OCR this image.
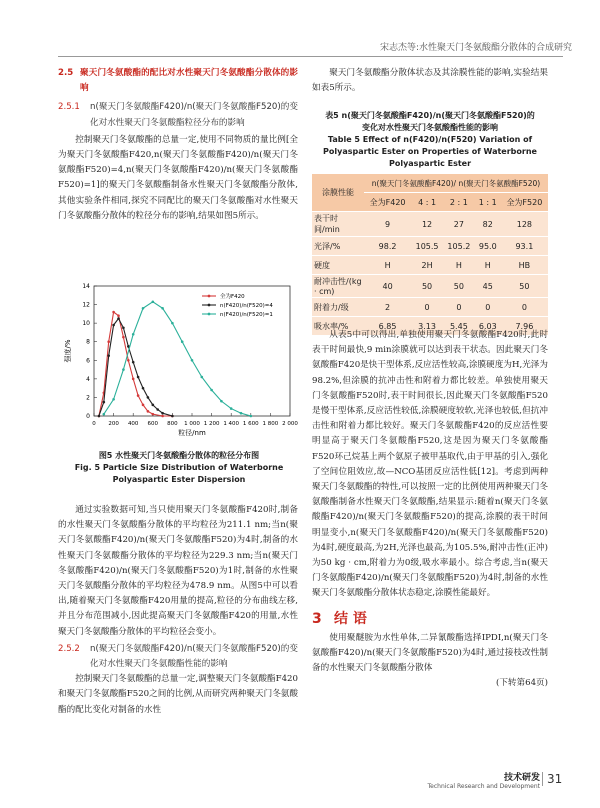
宋志杰等:水性聚天门冬氨酸酯分散体的合成研究
2.5 聚天门冬氨酸酯的配比对水性聚天门冬氨酸酯分散体的影响
2.5.1	n(聚天门冬氨酸酯F420)/n(聚天门冬氨酸酯F520)的变化对水性聚天门冬氨酸酯粒径分布的影响

控制聚天门冬氨酸酯的总量一定,使用不同物质的量比例[全为聚天门冬氨酸酯F420,n(聚天门冬氨酸酯F420)/n(聚天门冬氨酸酯F520)=4,n(聚天门冬氨酸酯F420)/n(聚天门冬氨酸酯F520)=1]的聚天门冬氨酸酯制备水性聚天门冬氨酸酯分散体,其他实验条件相同,探究不同配比的聚天门冬氨酸酯对水性聚天门冬氨酸酯分散体的粒径分布的影响,结果如图5所示。

0 200 400 600 800 1 000 1 200 1 400 1 600 1 800 2 000
0
2
4
6
8
10
12
14
粒径/nm
强度/%
全为F420
n(F420)/n(F520)=4
n(F420)/n(F520)=1
图5 水性聚天门冬氨酸酯分散体的粒径分布图
Fig. 5 Particle Size Distribution of Waterborne
Polyaspartic Ester Dispersion

通过实验数据可知,当只使用聚天门冬氨酸酯F420时,制备的水性聚天门冬氨酸酯分散体的平均粒径为211.1 nm;当n(聚天门冬氨酸酯F420)/n(聚天门冬氨酸酯F520)为4时,制备的水性聚天门冬氨酸酯分散体的平均粒径为229.3 nm;当n(聚天门冬氨酸酯F420)/n(聚天门冬氨酸酯F520)为1时,制备的水性聚天门冬氨酸酯分散体的平均粒径为478.9 nm。从图5中可以看出,随着聚天门冬氨酸酯F420用量的提高,粒径的分布曲线左移,并且分布范围减小,因此提高聚天门冬氨酸酯F420的用量,水性聚天门冬氨酸酯分散体的平均粒径会变小。

2.5.2	n(聚天门冬氨酸酯F420)/n(聚天门冬氨酸酯F520)的变化对水性聚天门冬氨酸酯性能的影响

控制聚天门冬氨酸酯的总量一定,调整聚天门冬氨酸酯F420和聚天门冬氨酸酯F520之间的比例,从而研究两种聚天门冬氨酸酯的配比变化对制备的水性

聚天门冬氨酸酯分散体状态及其涂膜性能的影响,实验结果如表5所示。

表5 n(聚天门冬氨酸酯F420)/n(聚天门冬氨酸酯F520)的
变化对水性聚天门冬氨酸酯性能的影响
Table 5 Effect of n(F420)/n(F520) Variation of
Polyaspartic Ester on Properties of Waterborne
Polyaspartic Ester
涂膜性能	n(聚天门冬氨酸酯F420)/ n(聚天门冬氨酸酯F520)				
	全为F420	4 : 1	2 : 1	1 : 1	全为F520
表干时间/min	9	12	27	82	128
光泽/%	98.2	105.5	105.2	95.0	93.1
硬度	H	2H	H	H	HB
耐冲击性/(kg · cm)	40	50	50	45	50
附着力/级	2	0	0	0	0
吸水率/%	6.85	3.13	5.45	6.03	7.96

从表5中可以得出,单独使用聚天门冬氨酸酯F420时,此时表干时间最快,9 min涂膜就可以达到表干状态。因此聚天门冬氨酸酯F420是快干型体系,反应活性较高,涂膜硬度为H,光泽为98.2%,但涂膜的抗冲击性和附着力都比较差。单独使用聚天门冬氨酸酯F520时,表干时间很长,因此聚天门冬氨酸酯F520是慢干型体系,反应活性较低,涂膜硬度较软,光泽也较低,但抗冲击性和附着力都比较好。聚天门冬氨酸酯F420的反应活性要明显高于聚天门冬氨酸酯F520,这是因为聚天门冬氨酸酯F520环己烷基上两个氨原子被甲基取代,由于甲基的引入,强化了空间位阻效应,故—NCO基团反应活性低[12]。考虑到两种聚天门冬氨酸酯的特性,可以按照一定的比例使用两种聚天门冬氨酸酯制备水性聚天门冬氨酸酯,结果显示:随着n(聚天门冬氨酸酯F420)/n(聚天门冬氨酸酯F520)的提高,涂膜的表干时间明显变小,n(聚天门冬氨酸酯F420)/n(聚天门冬氨酸酯F520)为4时,硬度最高,为2H,光泽也最高,为105.5%,耐冲击性(正冲)为50 kg · cm,附着力为0级,吸水率最小。综合考虑,当n(聚天门冬氨酸酯F420)/n(聚天门冬氨酸酯F520)为4时,制备的水性聚天门冬氨酸酯分散体状态稳定,涂膜性能最好。

3 结 语

使用聚醚胺为水性单体,二异氰酸酯选择IPDI,n(聚天门冬氨酸酯F420)/n(聚天门冬氨酸酯F520)为4时,通过接枝改性制备的水性聚天门冬氨酸酯分散体

(下转第64页)
技术研发
Technical Research and Development
31
